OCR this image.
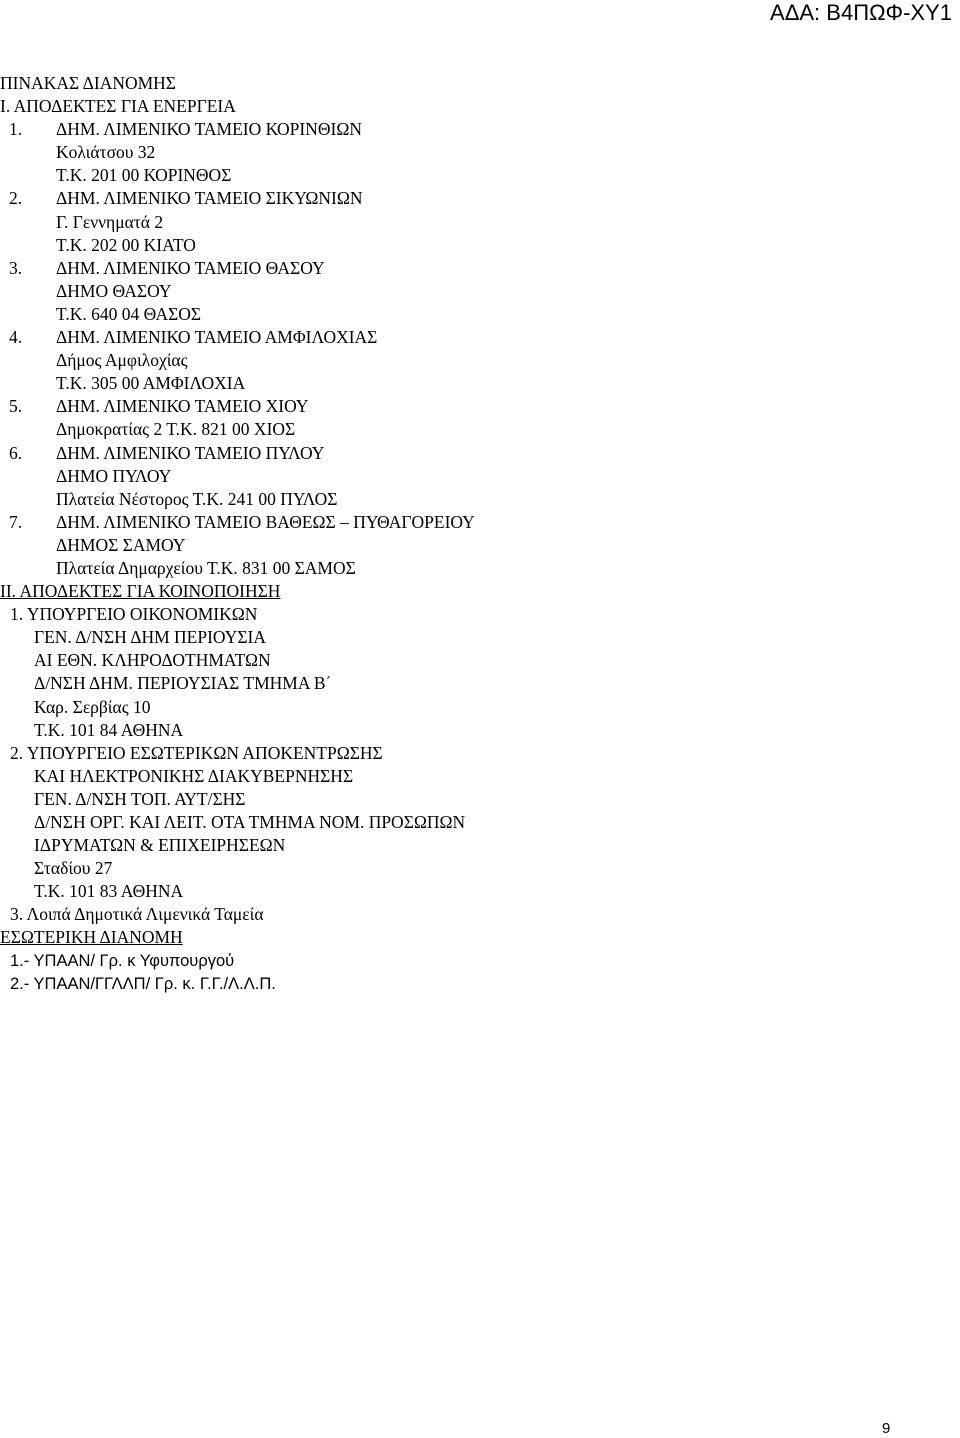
ΑΔΑ: Β4ΠΩΦ-ΧΥ1
ΠΙΝΑΚΑΣ ΔΙΑΝΟΜΗΣ
Ι. ΑΠΟΔΕΚΤΕΣ ΓΙΑ ΕΝΕΡΓΕΙΑ
1. ΔΗΜ. ΛΙΜΕΝΙΚΟ ΤΑΜΕΙΟ ΚΟΡΙΝΘΙΩΝ
Κολιάτσου 32
Τ.Κ. 201 00 ΚΟΡΙΝΘΟΣ
2. ΔΗΜ. ΛΙΜΕΝΙΚΟ ΤΑΜΕΙΟ ΣΙΚΥΩΝΙΩΝ
Γ. Γεννηματά 2
Τ.Κ. 202 00 ΚΙΑΤΟ
3. ΔΗΜ. ΛΙΜΕΝΙΚΟ ΤΑΜΕΙΟ ΘΑΣΟΥ
ΔΗΜΟ ΘΑΣΟΥ
Τ.Κ. 640 04 ΘΑΣΟΣ
4. ΔΗΜ. ΛΙΜΕΝΙΚΟ ΤΑΜΕΙΟ ΑΜΦΙΛΟΧΙΑΣ
Δήμος Αμφιλοχίας
Τ.Κ. 305 00 ΑΜΦΙΛΟΧΙΑ
5. ΔΗΜ. ΛΙΜΕΝΙΚΟ ΤΑΜΕΙΟ ΧΙΟΥ
Δημοκρατίας 2 Τ.Κ. 821 00 ΧΙΟΣ
6. ΔΗΜ. ΛΙΜΕΝΙΚΟ ΤΑΜΕΙΟ ΠΥΛΟΥ
ΔΗΜΟ ΠΥΛΟΥ
Πλατεία Νέστορος Τ.Κ. 241 00 ΠΥΛΟΣ
7. ΔΗΜ. ΛΙΜΕΝΙΚΟ ΤΑΜΕΙΟ ΒΑΘΕΩΣ – ΠΥΘΑΓΟΡΕΙΟΥ
ΔΗΜΟΣ ΣΑΜΟΥ
Πλατεία Δημαρχείου Τ.Κ. 831 00 ΣΑΜΟΣ
ΙΙ. ΑΠΟΔΕΚΤΕΣ ΓΙΑ ΚΟΙΝΟΠΟΙΗΣΗ
1. ΥΠΟΥΡΓΕΙΟ ΟΙΚΟΝΟΜΙΚΩΝ
ΓΕΝ. Δ/ΝΣΗ ΔΗΜ ΠΕΡΙΟΥΣΙΑ
ΑΙ ΕΘΝ. ΚΛΗΡΟΔΟΤΗΜΑΤΩΝ
Δ/ΝΣΗ ΔΗΜ. ΠΕΡΙΟΥΣΙΑΣ ΤΜΗΜΑ Β΄
Καρ. Σερβίας 10
Τ.Κ. 101 84 ΑΘΗΝΑ
2. ΥΠΟΥΡΓΕΙΟ ΕΣΩΤΕΡΙΚΩΝ ΑΠΟΚΕΝΤΡΩΣΗΣ
ΚΑΙ ΗΛΕΚΤΡΟΝΙΚΗΣ ΔΙΑΚΥΒΕΡΝΗΣΗΣ
ΓΕΝ. Δ/ΝΣΗ ΤΟΠ. ΑΥΤ/ΣΗΣ
Δ/ΝΣΗ ΟΡΓ. ΚΑΙ ΛΕΙΤ. ΟΤΑ ΤΜΗΜΑ ΝΟΜ. ΠΡΟΣΩΠΩΝ
ΙΔΡΥΜΑΤΩΝ & ΕΠΙΧΕΙΡΗΣΕΩΝ
Σταδίου 27
Τ.Κ. 101 83 ΑΘΗΝΑ
3. Λοιπά Δημοτικά Λιμενικά Ταμεία
ΕΣΩΤΕΡΙΚΗ ΔΙΑΝΟΜΗ
1.- ΥΠΑΑΝ/ Γρ. κ Υφυπουργού
2.- ΥΠΑΑΝ/ΓΓΛΛΠ/ Γρ. κ. Γ.Γ./Λ.Λ.Π.
9
